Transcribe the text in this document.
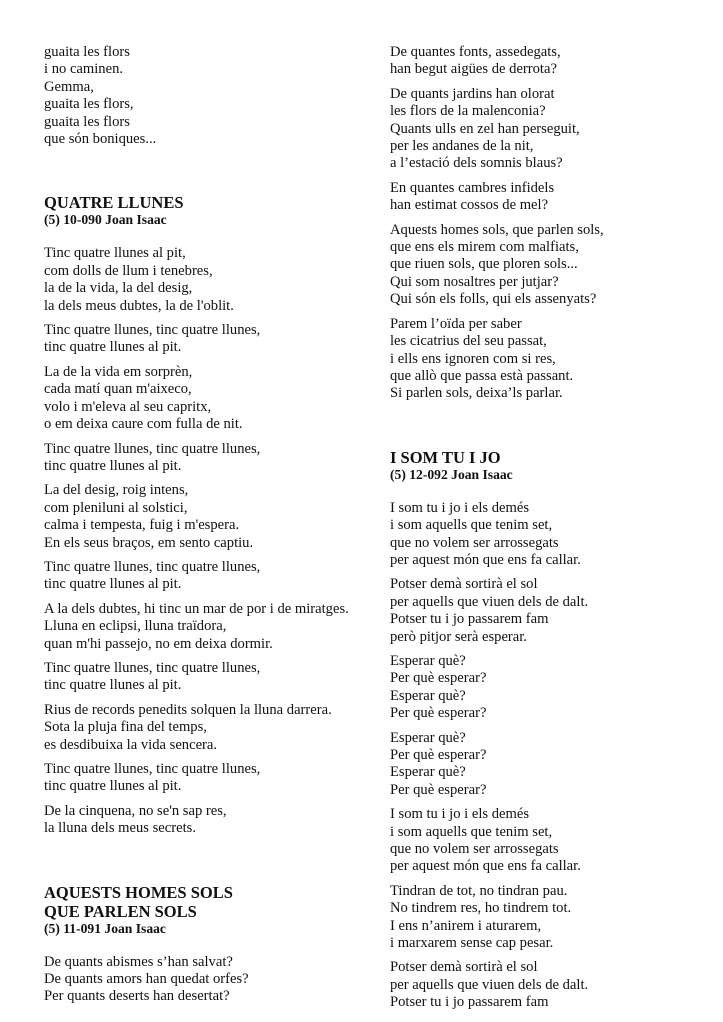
guaita les flors
i no caminen.
Gemma,
guaita les flors,
guaita les flors
que són boniques...
QUATRE LLUNES
(5) 10-090 Joan Isaac
Tinc quatre llunes al pit,
com dolls de llum i tenebres,
la de la vida, la del desig,
la dels meus dubtes, la de l'oblit.
Tinc quatre llunes, tinc quatre llunes,
tinc quatre llunes al pit.
La de la vida em sorprèn,
cada matí quan m'aixeco,
volo i m'eleva al seu capritx,
o em deixa caure com fulla de nit.
Tinc quatre llunes, tinc quatre llunes,
tinc quatre llunes al pit.
La del desig, roig intens,
com pleniluni al solstici,
calma i tempesta, fuig i m'espera.
En els seus braços, em sento captiu.
Tinc quatre llunes, tinc quatre llunes,
tinc quatre llunes al pit.
A la dels dubtes, hi tinc un mar de por i de miratges.
Lluna en eclipsi, lluna traïdora,
quan m'hi passejo, no em deixa dormir.
Tinc quatre llunes, tinc quatre llunes,
tinc quatre llunes al pit.
Rius de records penedits solquen la lluna darrera.
Sota la pluja fina del temps,
es desdibuixa la vida sencera.
Tinc quatre llunes, tinc quatre llunes,
tinc quatre llunes al pit.
De la cinquena, no se'n sap res,
la lluna dels meus secrets.
AQUESTS HOMES SOLS
QUE PARLEN SOLS
(5) 11-091 Joan Isaac
De quants abismes s’han salvat?
De quants amors han quedat orfes?
Per quants deserts han desertat?
De quantes fonts, assedegats,
han begut aigües de derrota?
De quants jardins han olorat
les flors de la malenconia?
Quants ulls en zel han perseguit,
per les andanes de la nit,
a l’estació dels somnis blaus?
En quantes cambres infidels
han estimat cossos de mel?
Aquests homes sols, que parlen sols,
que ens els mirem com malfiats,
que riuen sols, que ploren sols...
Qui som nosaltres per jutjar?
Qui són els folls, qui els assenyats?
Parem l’oïda per saber
les cicatrius del seu passat,
i ells ens ignoren com si res,
que allò que passa està passant.
Si parlen sols, deixa’ls parlar.
I SOM TU I JO
(5) 12-092 Joan Isaac
I som tu i jo i els demés
i som aquells que tenim set,
que no volem ser arrossegats
per aquest món que ens fa callar.
Potser demà sortirà el sol
per aquells que viuen dels de dalt.
Potser tu i jo passarem fam
però pitjor serà esperar.
Esperar què?
Per què esperar?
Esperar què?
Per què esperar?
Esperar què?
Per què esperar?
Esperar què?
Per què esperar?
I som tu i jo i els demés
i som aquells que tenim set,
que no volem ser arrossegats
per aquest món que ens fa callar.
Tindran de tot, no tindran pau.
No tindrem res, ho tindrem tot.
I ens n’anirem i aturarem,
i marxarem sense cap pesar.
Potser demà sortirà el sol
per aquells que viuen dels de dalt.
Potser tu i jo passarem fam
